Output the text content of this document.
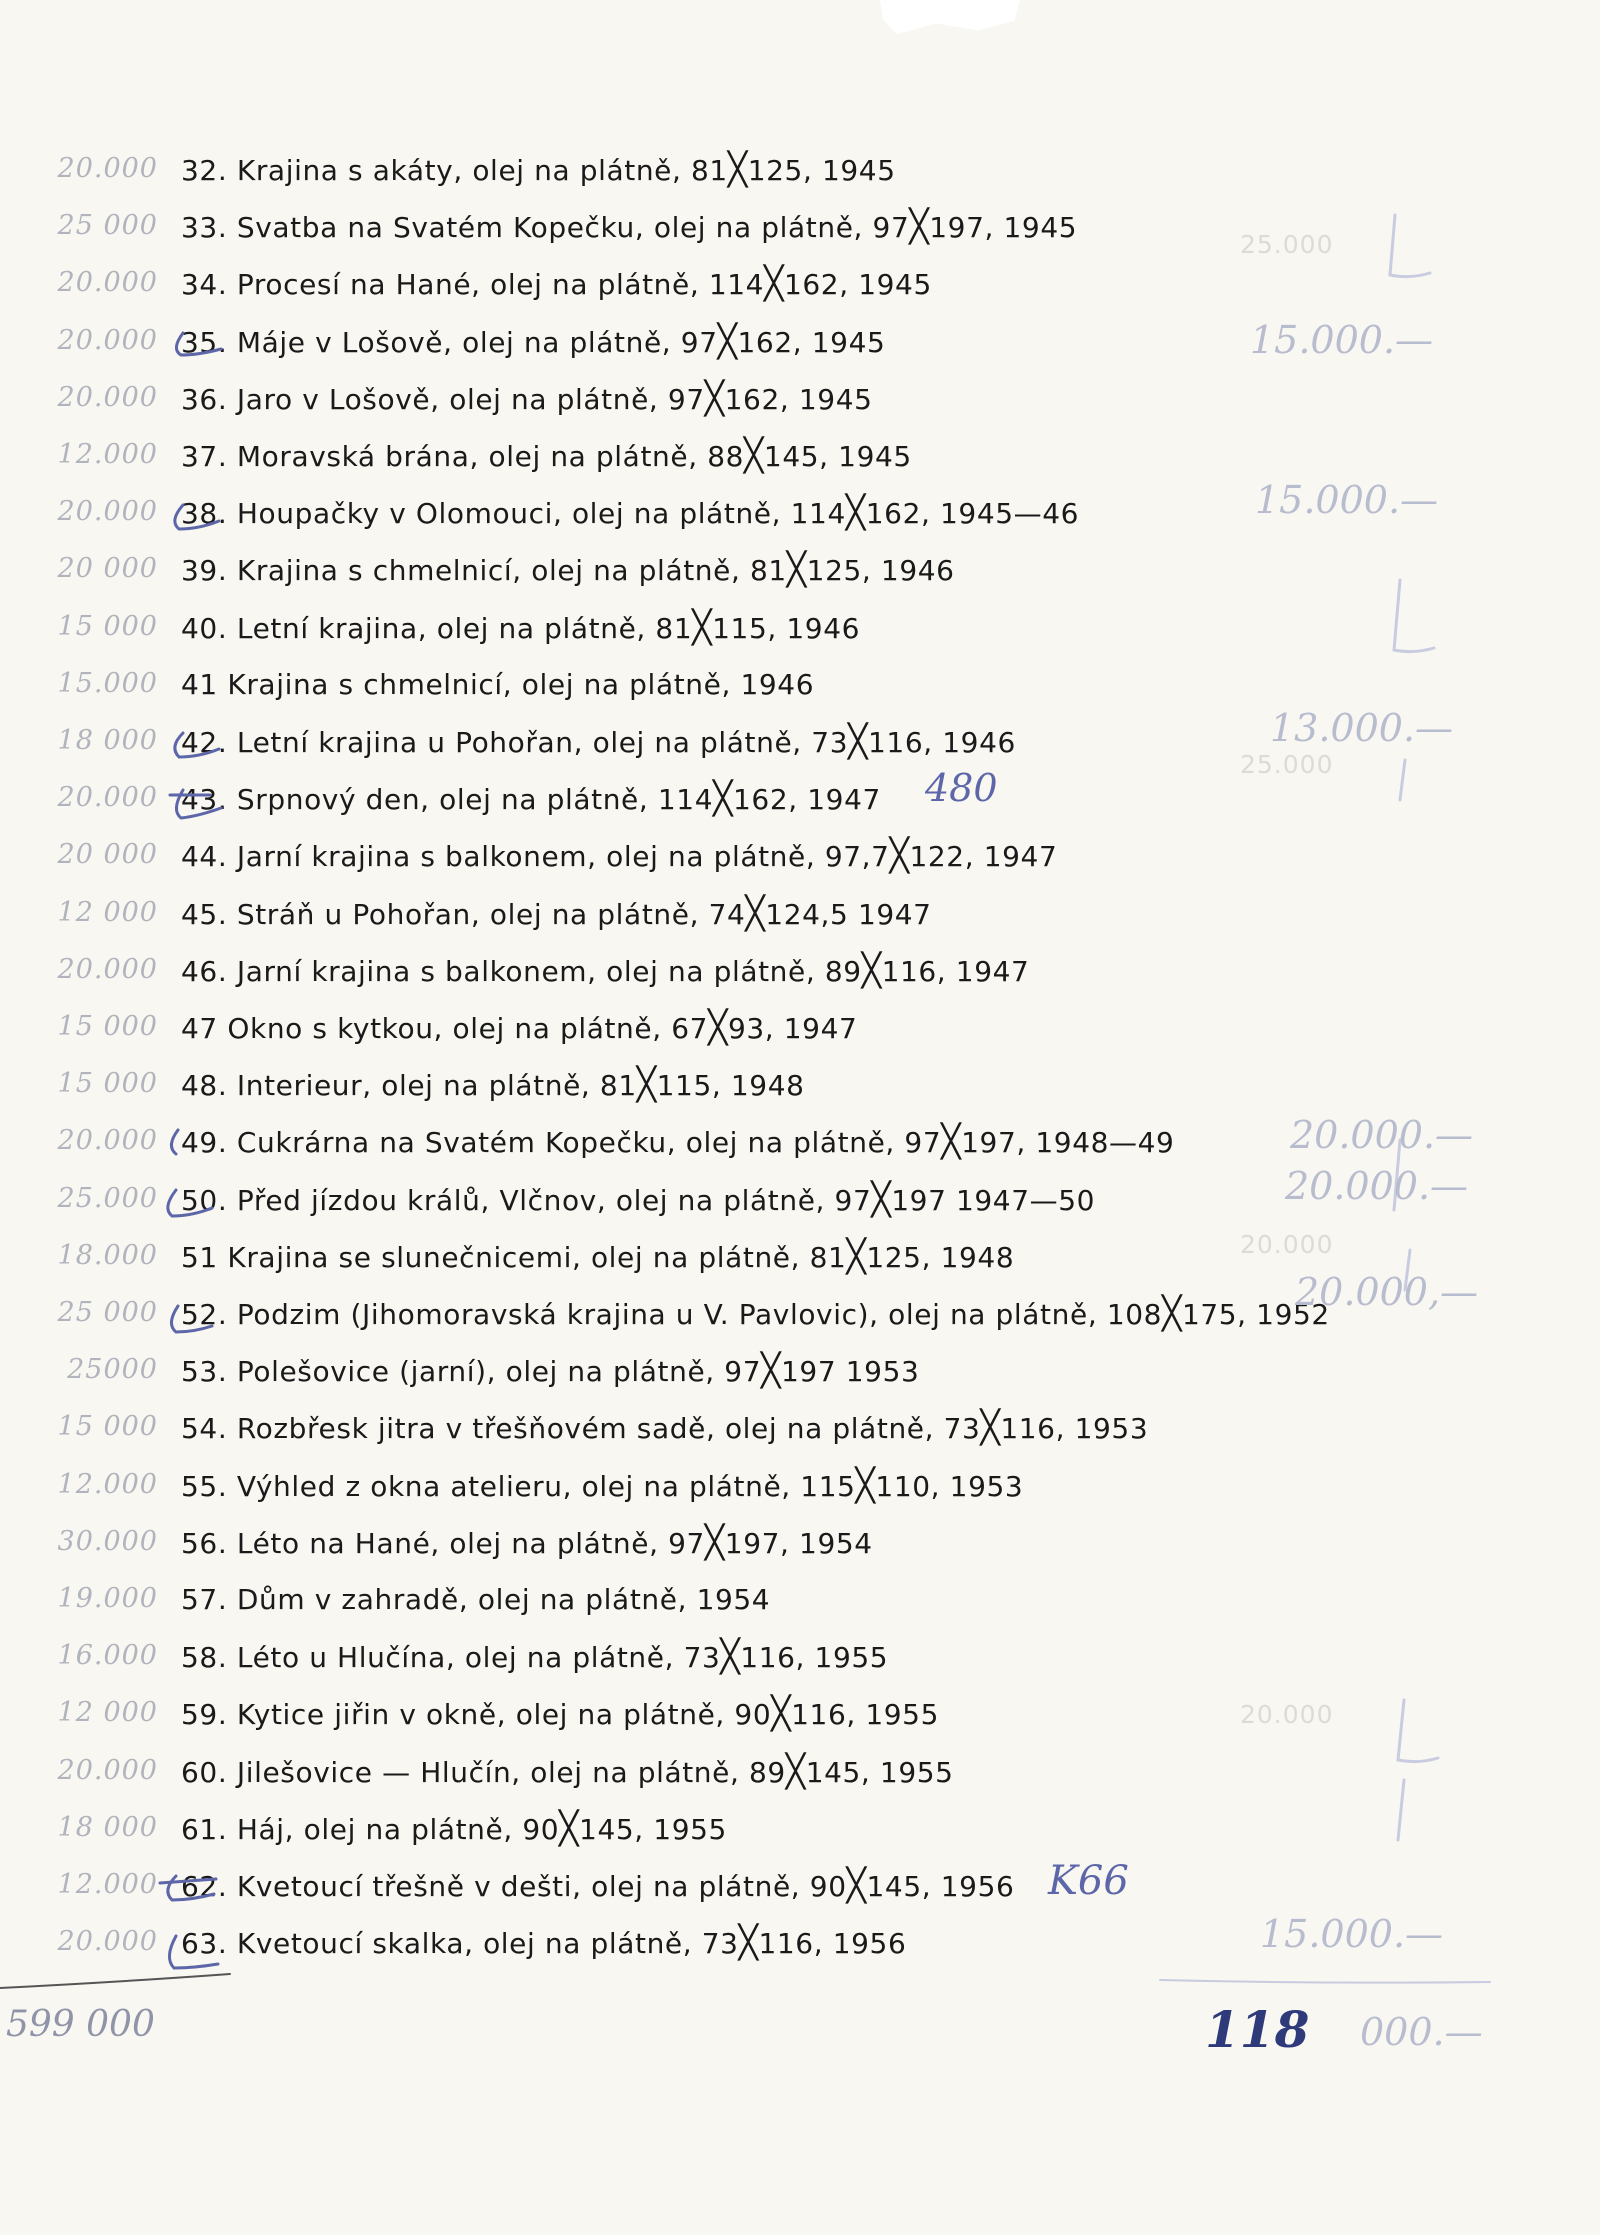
25.000
25.000
20.000
20.000
20.000 32. Krajina s akáty, olej na plátně, 81╳125, 1945
25 000 33. Svatba na Svatém Kopečku, olej na plátně, 97╳197, 1945
20.000 34. Procesí na Hané, olej na plátně, 114╳162, 1945
20.000 35. Máje v Lošově, olej na plátně, 97╳162, 1945
20.000 36. Jaro v Lošově, olej na plátně, 97╳162, 1945
12.000 37. Moravská brána, olej na plátně, 88╳145, 1945
20.000 38. Houpačky v Olomouci, olej na plátně, 114╳162, 1945—46
20 000 39. Krajina s chmelnicí, olej na plátně, 81╳125, 1946
15 000 40. Letní krajina, olej na plátně, 81╳115, 1946
15.000 41 Krajina s chmelnicí, olej na plátně, 1946
18 000 42. Letní krajina u Pohořan, olej na plátně, 73╳116, 1946
20.000 43. Srpnový den, olej na plátně, 114╳162, 1947
20 000 44. Jarní krajina s balkonem, olej na plátně, 97,7╳122, 1947
12 000 45. Stráň u Pohořan, olej na plátně, 74╳124,5 1947
20.000 46. Jarní krajina s balkonem, olej na plátně, 89╳116, 1947
15 000 47 Okno s kytkou, olej na plátně, 67╳93, 1947
15 000 48. Interieur, olej na plátně, 81╳115, 1948
20.000 49. Cukrárna na Svatém Kopečku, olej na plátně, 97╳197, 1948—49
25.000 50. Před jízdou králů, Vlčnov, olej na plátně, 97╳197 1947—50
18.000 51 Krajina se slunečnicemi, olej na plátně, 81╳125, 1948
25 000 52. Podzim (Jihomoravská krajina u V. Pavlovic), olej na plátně, 108╳175, 1952
25000 53. Polešovice (jarní), olej na plátně, 97╳197 1953
15 000 54. Rozbřesk jitra v třešňovém sadě, olej na plátně, 73╳116, 1953
12.000 55. Výhled z okna atelieru, olej na plátně, 115╳110, 1953
30.000 56. Léto na Hané, olej na plátně, 97╳197, 1954
19.000 57. Dům v zahradě, olej na plátně, 1954
16.000 58. Léto u Hlučína, olej na plátně, 73╳116, 1955
12 000 59. Kytice jiřin v okně, olej na plátně, 90╳116, 1955
20.000 60. Jilešovice — Hlučín, olej na plátně, 89╳145, 1955
18 000 61. Háj, olej na plátně, 90╳145, 1955
12.000 62. Kvetoucí třešně v dešti, olej na plátně, 90╳145, 1956
20.000 63. Kvetoucí skalka, olej na plátně, 73╳116, 1956
15.000.—
15.000.—
13.000.—
20.000.—
20.000.—
20.000,—
15.000.—
480
K66
599 000	118 000.—
